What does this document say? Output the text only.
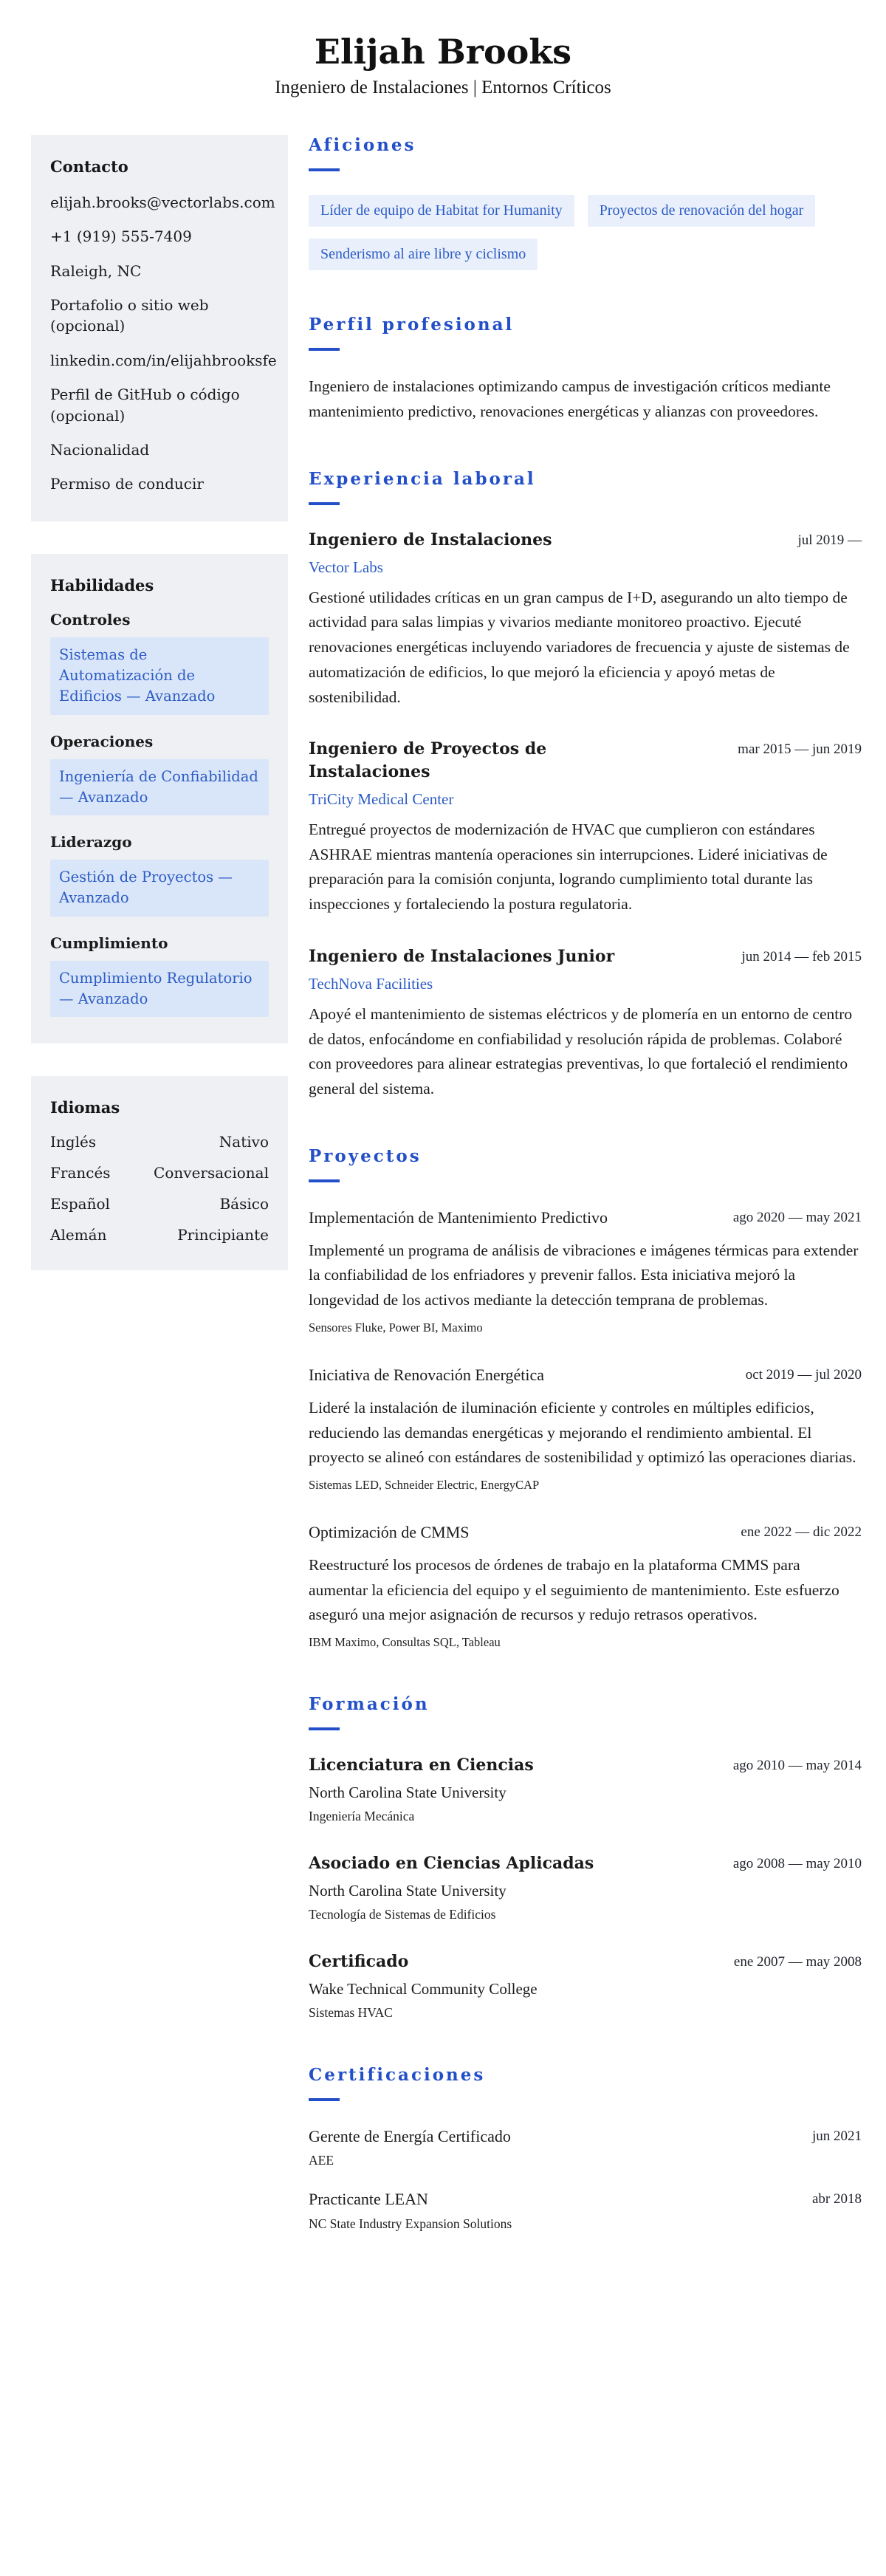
Elijah Brooks
Ingeniero de Instalaciones | Entornos Críticos
Contacto
elijah.brooks@vectorlabs.com
+1 (919) 555-7409
Raleigh, NC
Portafolio o sitio web (opcional)
linkedin.com/in/elijahbrooksfe
Perfil de GitHub o código (opcional)
Nacionalidad
Permiso de conducir
Habilidades
Controles
Sistemas de Automatización de Edificios — Avanzado
Operaciones
Ingeniería de Confiabilidad — Avanzado
Liderazgo
Gestión de Proyectos — Avanzado
Cumplimiento
Cumplimiento Regulatorio — Avanzado
Idiomas
Inglés	Nativo
Francés	Conversacional
Español	Básico
Alemán	Principiante
Aficiones
Líder de equipo de Habitat for Humanity	Proyectos de renovación del hogar
Senderismo al aire libre y ciclismo
Perfil profesional
Ingeniero de instalaciones optimizando campus de investigación críticos mediante mantenimiento predictivo, renovaciones energéticas y alianzas con proveedores.
Experiencia laboral
Ingeniero de Instalaciones	jul 2019 —
Vector Labs
Gestioné utilidades críticas en un gran campus de I+D, asegurando un alto tiempo de actividad para salas limpias y vivarios mediante monitoreo proactivo. Ejecuté renovaciones energéticas incluyendo variadores de frecuencia y ajuste de sistemas de automatización de edificios, lo que mejoró la eficiencia y apoyó metas de sostenibilidad.
Ingeniero de Proyectos de Instalaciones
mar 2015 — jun 2019
TriCity Medical Center
Entregué proyectos de modernización de HVAC que cumplieron con estándares ASHRAE mientras mantenía operaciones sin interrupciones. Lideré iniciativas de preparación para la comisión conjunta, logrando cumplimiento total durante las inspecciones y fortaleciendo la postura regulatoria.
Ingeniero de Instalaciones Junior	jun 2014 — feb 2015
TechNova Facilities
Apoyé el mantenimiento de sistemas eléctricos y de plomería en un entorno de centro de datos, enfocándome en confiabilidad y resolución rápida de problemas. Colaboré con proveedores para alinear estrategias preventivas, lo que fortaleció el rendimiento general del sistema.
Proyectos
Implementación de Mantenimiento Predictivo	ago 2020 — may 2021
Implementé un programa de análisis de vibraciones e imágenes térmicas para extender la confiabilidad de los enfriadores y prevenir fallos. Esta iniciativa mejoró la longevidad de los activos mediante la detección temprana de problemas.
Sensores Fluke, Power BI, Maximo
Iniciativa de Renovación Energética	oct 2019 — jul 2020
Lideré la instalación de iluminación eficiente y controles en múltiples edificios, reduciendo las demandas energéticas y mejorando el rendimiento ambiental. El proyecto se alineó con estándares de sostenibilidad y optimizó las operaciones diarias.
Sistemas LED, Schneider Electric, EnergyCAP
Optimización de CMMS	ene 2022 — dic 2022
Reestructuré los procesos de órdenes de trabajo en la plataforma CMMS para aumentar la eficiencia del equipo y el seguimiento de mantenimiento. Este esfuerzo aseguró una mejor asignación de recursos y redujo retrasos operativos.
IBM Maximo, Consultas SQL, Tableau
Formación
Licenciatura en Ciencias	ago 2010 — may 2014
North Carolina State University
Ingeniería Mecánica
Asociado en Ciencias Aplicadas	ago 2008 — may 2010
North Carolina State University
Tecnología de Sistemas de Edificios
Certificado	ene 2007 — may 2008
Wake Technical Community College
Sistemas HVAC
Certificaciones
Gerente de Energía Certificado	jun 2021
AEE
Practicante LEAN	abr 2018
NC State Industry Expansion Solutions
